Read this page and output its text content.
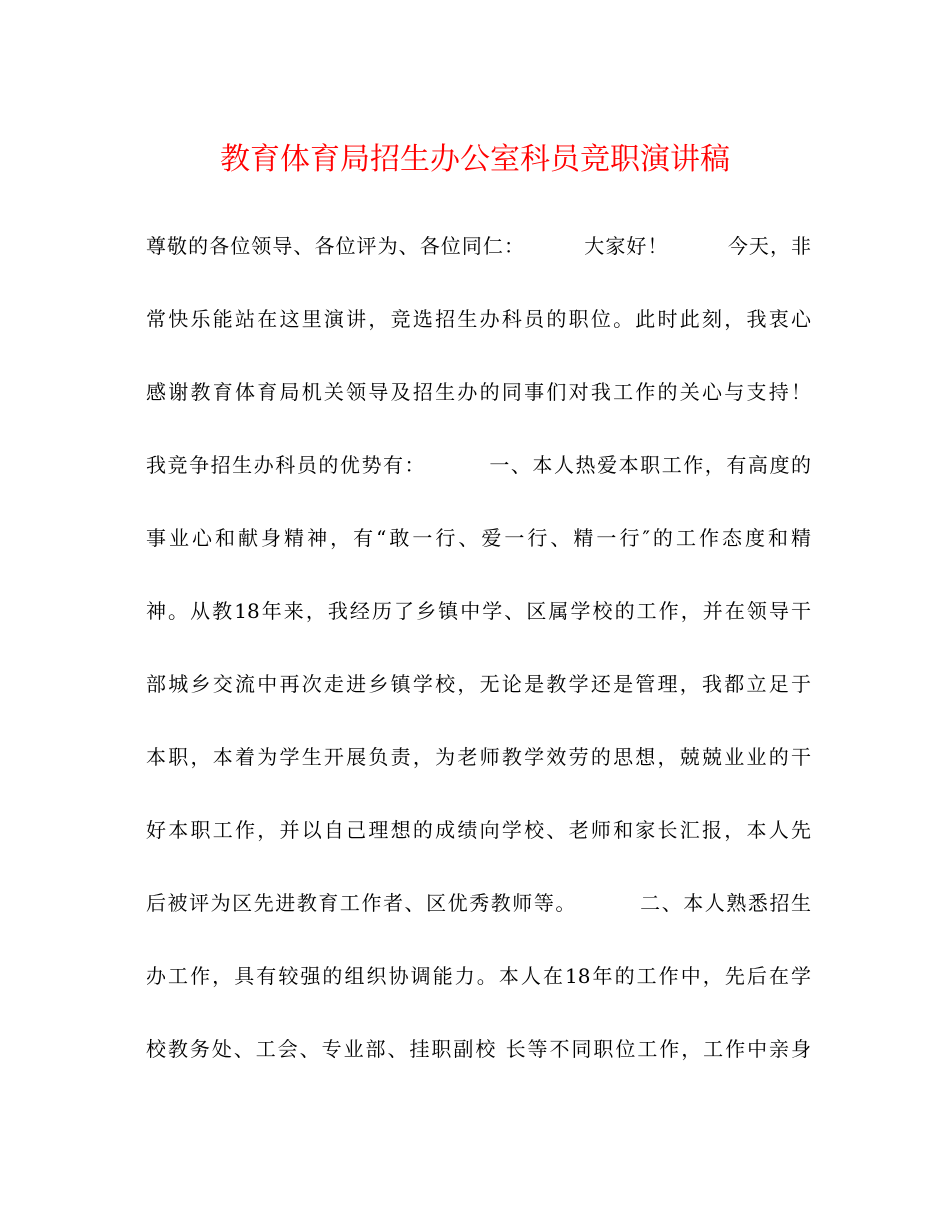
教育体育局招生办公室科员竞职演讲稿
尊敬的各位领导、各位评为、各位同仁：        大家好！        今天，非
常快乐能站在这里演讲，竞选招生办科员的职位。此时此刻，我衷心
感谢教育体育局机关领导及招生办的同事们对我工作的关心与支持！
我竞争招生办科员的优势有：        一、本人热爱本职工作，有高度的
事业心和献身精神，有“敢一行、爱一行、精一行″的工作态度和精
神。从教18年来，我经历了乡镇中学、区属学校的工作，并在领导干
部城乡交流中再次走进乡镇学校，无论是教学还是管理，我都立足于
本职，本着为学生开展负责，为老师教学效劳的思想，兢兢业业的干
好本职工作，并以自己理想的成绩向学校、老师和家长汇报，本人先
后被评为区先进教育工作者、区优秀教师等。        二、本人熟悉招生
办工作，具有较强的组织协调能力。本人在18年的工作中，先后在学
校教务处、工会、专业部、挂职副校 长等不同职位工作，工作中亲身
